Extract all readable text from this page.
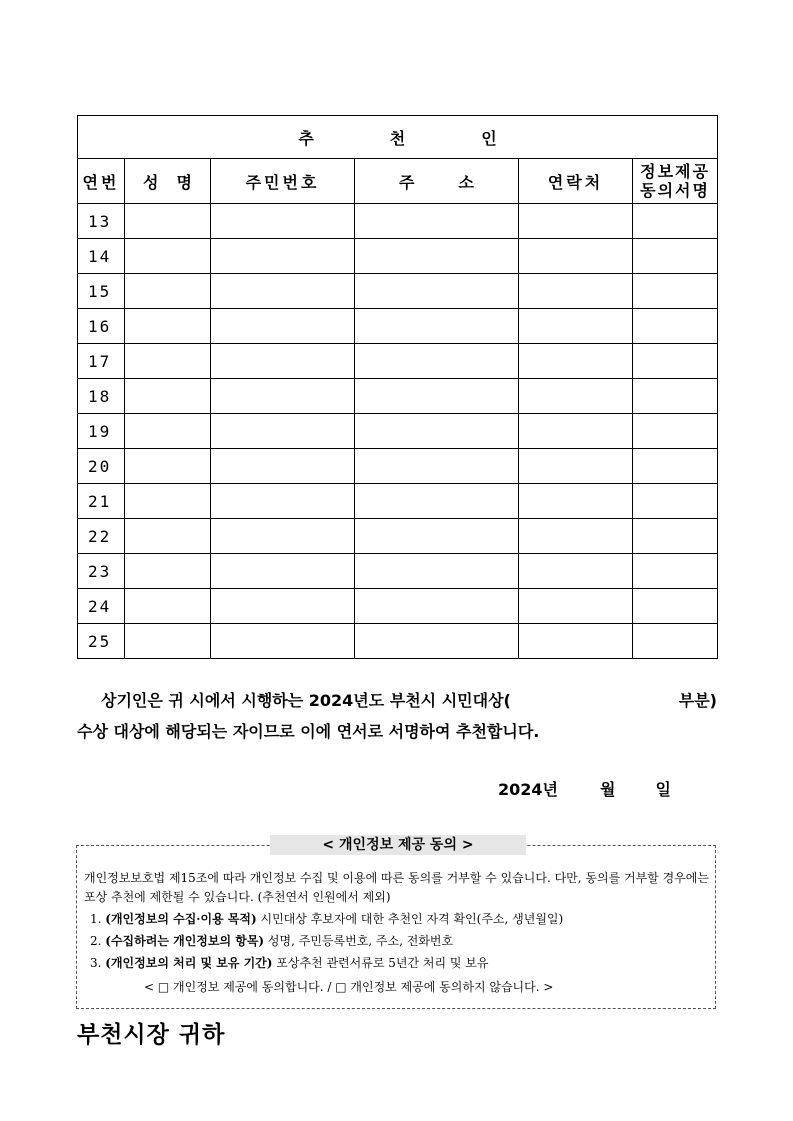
추 천 인					
연번	성 명	주민번호	주 소	연락처	정보제공
동의서명

13					
14					
15					
16					
17					
18					
19					
20					
21					
22					
23					
24					
25					
상기인은 귀 시에서 시행하는 2024년도 부천시 시민대상(	부분)
수상 대상에 해당되는 자이므로 이에 연서로 서명하여 추천합니다.
2024년	월	일
< 개인정보 제공 동의 >

개인정보보호법 제15조에 따라 개인정보 수집 및 이용에 따른 동의를 거부할 수 있습니다. 다만, 동의를 거부할 경우에는 포상 추천에 제한될 수 있습니다. (추천연서 인원에서 제외)

1. (개인정보의 수집·이용 목적) 시민대상 후보자에 대한 추천인 자격 확인(주소, 생년월일)
2. (수집하려는 개인정보의 항목) 성명, 주민등록번호, 주소, 전화번호
3. (개인정보의 처리 및 보유 기간) 포상추천 관련서류로 5년간 처리 및 보유
< □ 개인정보 제공에 동의합니다. / □ 개인정보 제공에 동의하지 않습니다. >
부천시장 귀하
